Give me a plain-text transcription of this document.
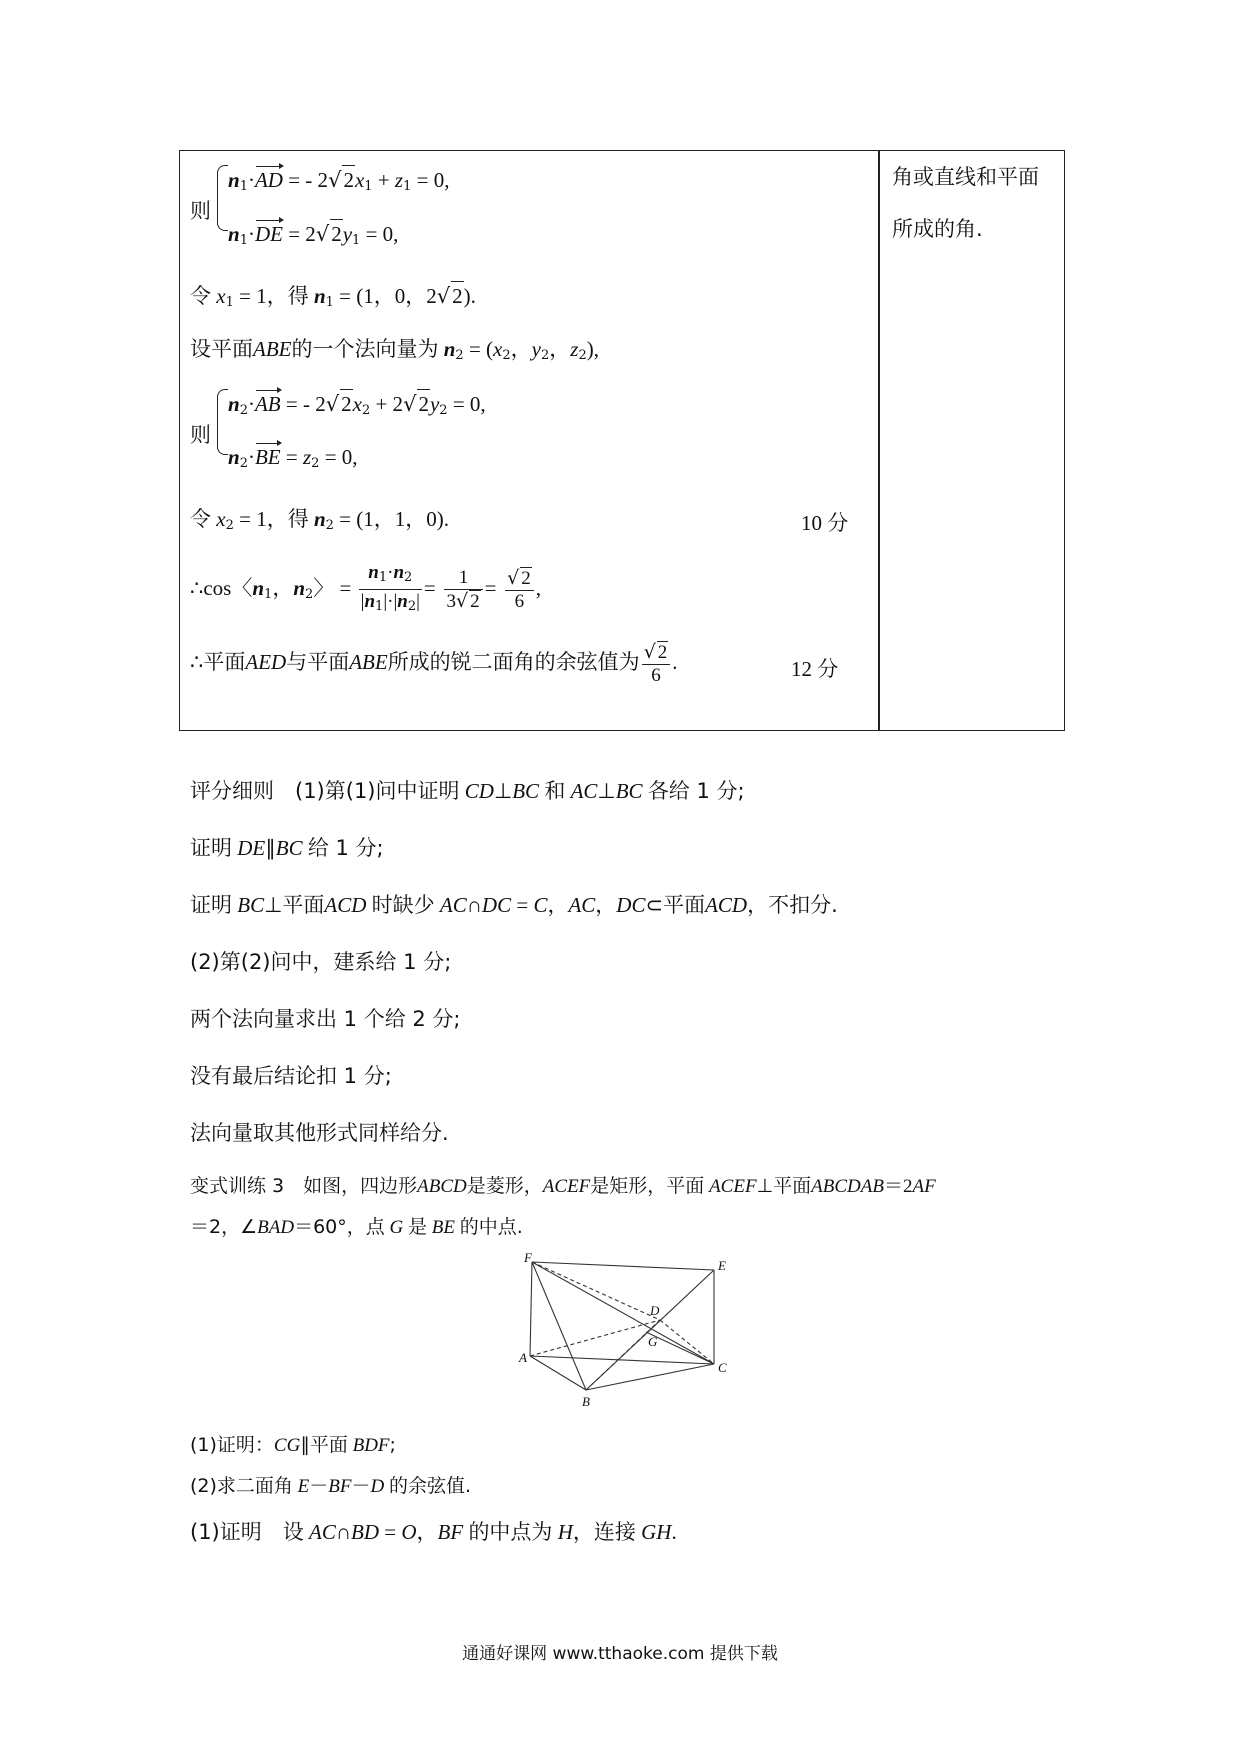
角或直线和平面
所成的角.
则
$n_1\cdot AD$ = - $2√2x_1 + z_1 = 0$,
$n_1\cdot DE = 2√2y_1 = 0$,
令 $x_1 = 1$，得 $n_1 = (1$，0，2√2).
设平面ABE的一个法向量为 $n_2 = (x_2$，$y_2$，$z_2$),
则
$n_2\cdot AB$ = - $2√2x_2 + 2√2y_2 = 0$,
$n_2\cdot BE = z_2 = 0$,
令 $x_2 = 1$，得 $n_2 = (1$，1，0).	10 分
∴cos〈$n_1$，$n_2$〉 = $\frac{n_1\cdot n_2}{|n_1|\cdot|n_2|} = \frac{1}{3√ 2} = \frac{√ 2}{6}$ ,
∴平面AED与平面ABE所成的锐二面角的余弦值为 $\frac{√ 2}{6}$ .	12 分
评分细则　 (1)第(1)问中证明 CD⊥BC 和 AC⊥BC 各给 1 分;
证明 DE∥BC 给 1 分;
证明 BC⊥平面ACD 时缺少 AC∩DC = C，AC，DC⊂平面ACD，不扣分.
(2)第(2)问中，建系给 1 分;
两个法向量求出 1 个给 2 分;
没有最后结论扣 1 分;
法向量取其他形式同样给分.
变式训练 3　 如图，四边形ABCD是菱形，ACEF是矩形，平面 ACEF⊥平面ABCDAB＝2AF
＝2，∠BAD＝60°，点 G 是 BE 的中点.
F
E
D
G
A
C
B
(1)证明：CG∥平面 BDF;
(2)求二面角 E－BF－D 的余弦值.
(1)证明　 设 AC∩BD = O，BF 的中点为 H，连接 GH.
通通好课网 www.tthaoke.com 提供下载
